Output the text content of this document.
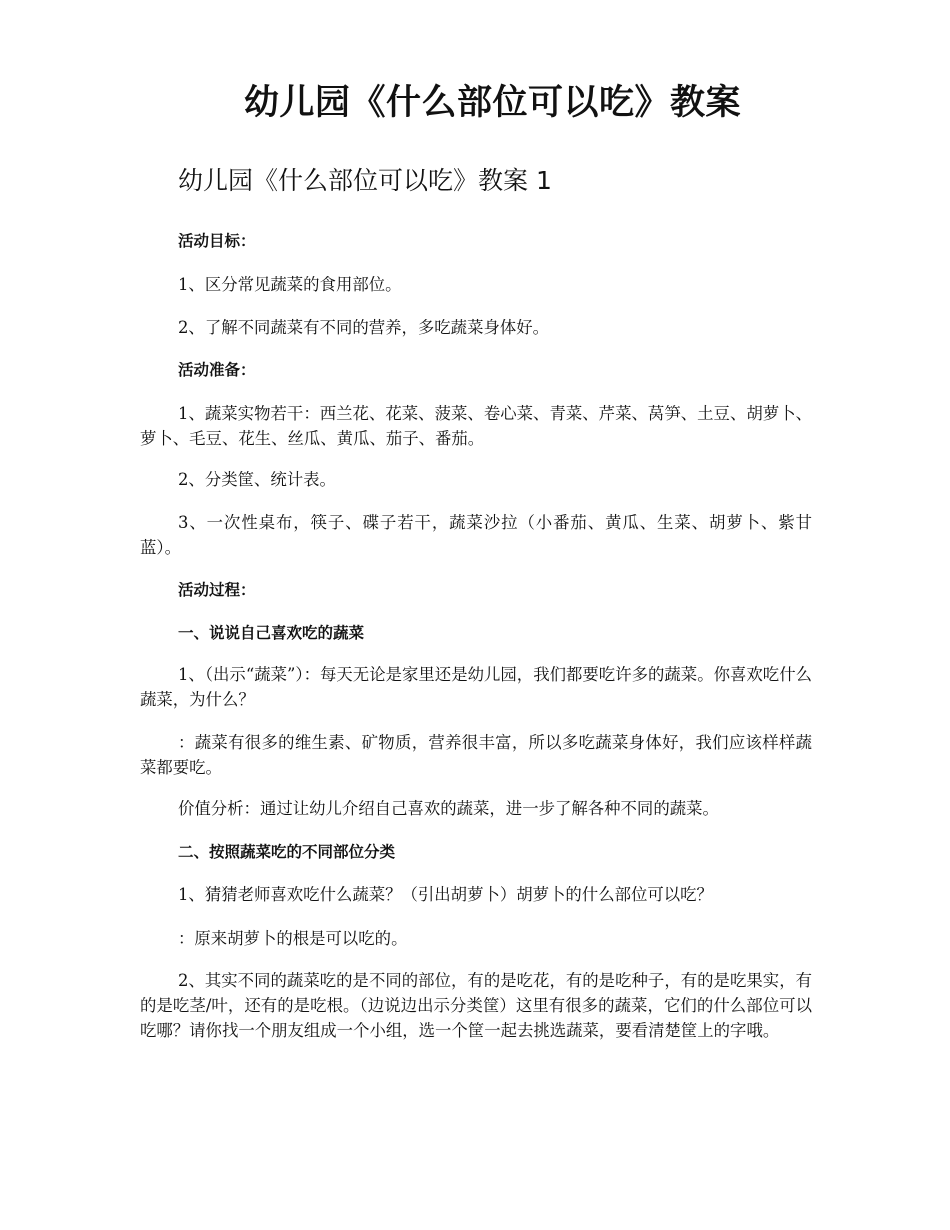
幼儿园《什么部位可以吃》教案
幼儿园《什么部位可以吃》教案 1

活动目标：

1、区分常见蔬菜的食用部位。

2、了解不同蔬菜有不同的营养，多吃蔬菜身体好。

活动准备：

1、蔬菜实物若干：西兰花、花菜、菠菜、卷心菜、青菜、芹菜、莴笋、土豆、胡萝卜、萝卜、毛豆、花生、丝瓜、黄瓜、茄子、番茄。

2、分类筐、统计表。

3、一次性桌布，筷子、碟子若干，蔬菜沙拉（小番茄、黄瓜、生菜、胡萝卜、紫甘蓝）。

活动过程：

一、说说自己喜欢吃的蔬菜

1、（出示“蔬菜”）：每天无论是家里还是幼儿园，我们都要吃许多的蔬菜。你喜欢吃什么蔬菜，为什么？

：蔬菜有很多的维生素、矿物质，营养很丰富，所以多吃蔬菜身体好，我们应该样样蔬菜都要吃。

价值分析：通过让幼儿介绍自己喜欢的蔬菜，进一步了解各种不同的蔬菜。

二、按照蔬菜吃的不同部位分类

1、猜猜老师喜欢吃什么蔬菜？（引出胡萝卜）胡萝卜的什么部位可以吃？

：原来胡萝卜的根是可以吃的。

2、其实不同的蔬菜吃的是不同的部位，有的是吃花，有的是吃种子，有的是吃果实，有的是吃茎/叶，还有的是吃根。（边说边出示分类筐）这里有很多的蔬菜，它们的什么部位可以吃哪？请你找一个朋友组成一个小组，选一个筐一起去挑选蔬菜，要看清楚筐上的字哦。
